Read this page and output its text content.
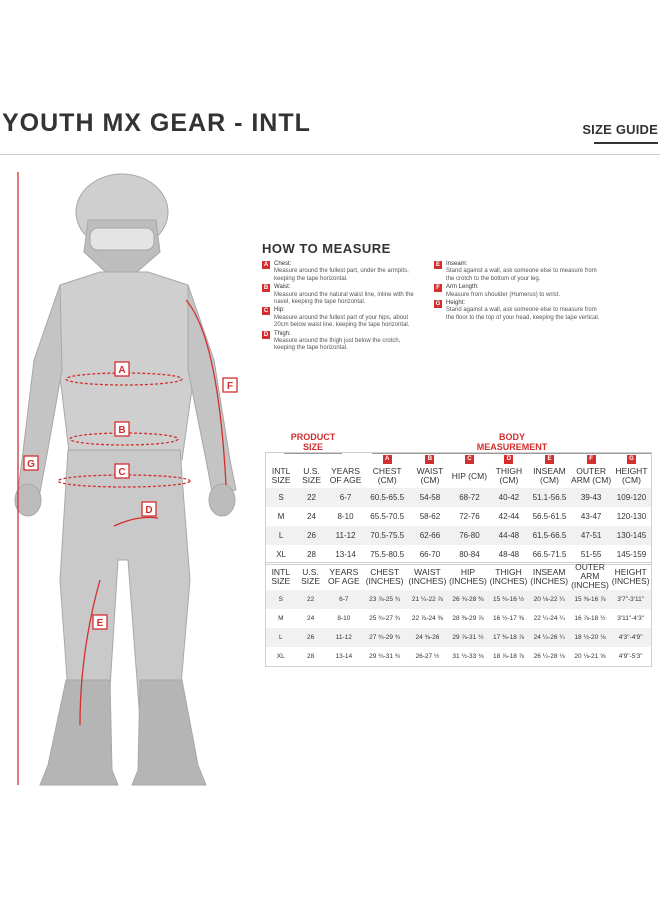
YOUTH MX GEAR - INTL	SIZE GUIDE
A
B
C
D
E
F
G
HOW TO MEASURE
A Chest:
Measure around the fullest part, under the armpits, keeping the tape horizontal.
B Waist:
Measure around the natural waist line, inline with the navel, keeping the tape horizontal.
C Hip:
Measure around the fullest part of your hips, about 20cm below waist line, keeping the tape horizontal.
D Thigh:
Measure around the thigh just below the crotch, keeping the tape horizontal.
E	Inseam:
Stand against a wall, ask someone else to measure from the crotch to the bottom of your leg.
F	Arm Length:
Measure from shoulder (Humerus) to wrist.
G Height:
Stand against a wall, ask someone else to measure from the floor to the top of your head, keeping the tape vertical.
PRODUCT SIZE
BODY MEASUREMENT
			A	B	C	D	E	F	G
INTL SIZE	U.S. SIZE	YEARS OF AGE	CHEST (CM)	WAIST (CM)	HIP (CM)	THIGH (CM)	INSEAM (CM)	OUTER ARM (CM)	HEIGHT (CM)
S	22	6-7	60.5-65.5	54-58	68-72	40-42	51.1-56.5	39-43	109-120
M	24	8-10	65.5-70.5	58-62	72-76	42-44	56.5-61.5	43-47	120-130
L	26	11-12	70.5-75.5	62-66	76-80	44-48	61.5-66.5	47-51	130-145
XL	28	13-14	75.5-80.5	66-70	80-84	48-48	66.5-71.5	51-55	145-159
INTL SIZE	U.S. SIZE	YEARS OF AGE	CHEST (INCHES)	WAIST (INCHES)	HIP (INCHES)	THIGH (INCHES)	INSEAM (INCHES)	OUTER ARM (INCHES)	HEIGHT (INCHES)
S	22	6-7	23 ⅞-25 ¾	21 ¼-22 ⅞	26 ¾-28 ⅜	15 ¾-16 ½	20 ⅛-22 ¼	15 ⅜-16 ⅞	3'7"-3'11"
M	24	8-10	25 ¾-27 ¾	22 ⅞-24 ⅜	28 ⅜-29 ⅞	16 ½-17 ⅜	22 ¼-24 ¼	16 ⅞-18 ½	3'11"-4'3"
L	26	11-12	27 ¾-29 ¾	24 ⅜-26	29 ⅞-31 ½	17 ⅜-18 ⅞	24 ¼-26 ¼	18 ½-20 ⅛	4'3"-4'9"
XL	28	13-14	29 ¾-31 ¾	26-27 ½	31 ½-33 ⅛	18 ⅞-18 ⅞	26 ¼-28 ⅛	20 ⅛-21 ⅝	4'9"-5'3"
